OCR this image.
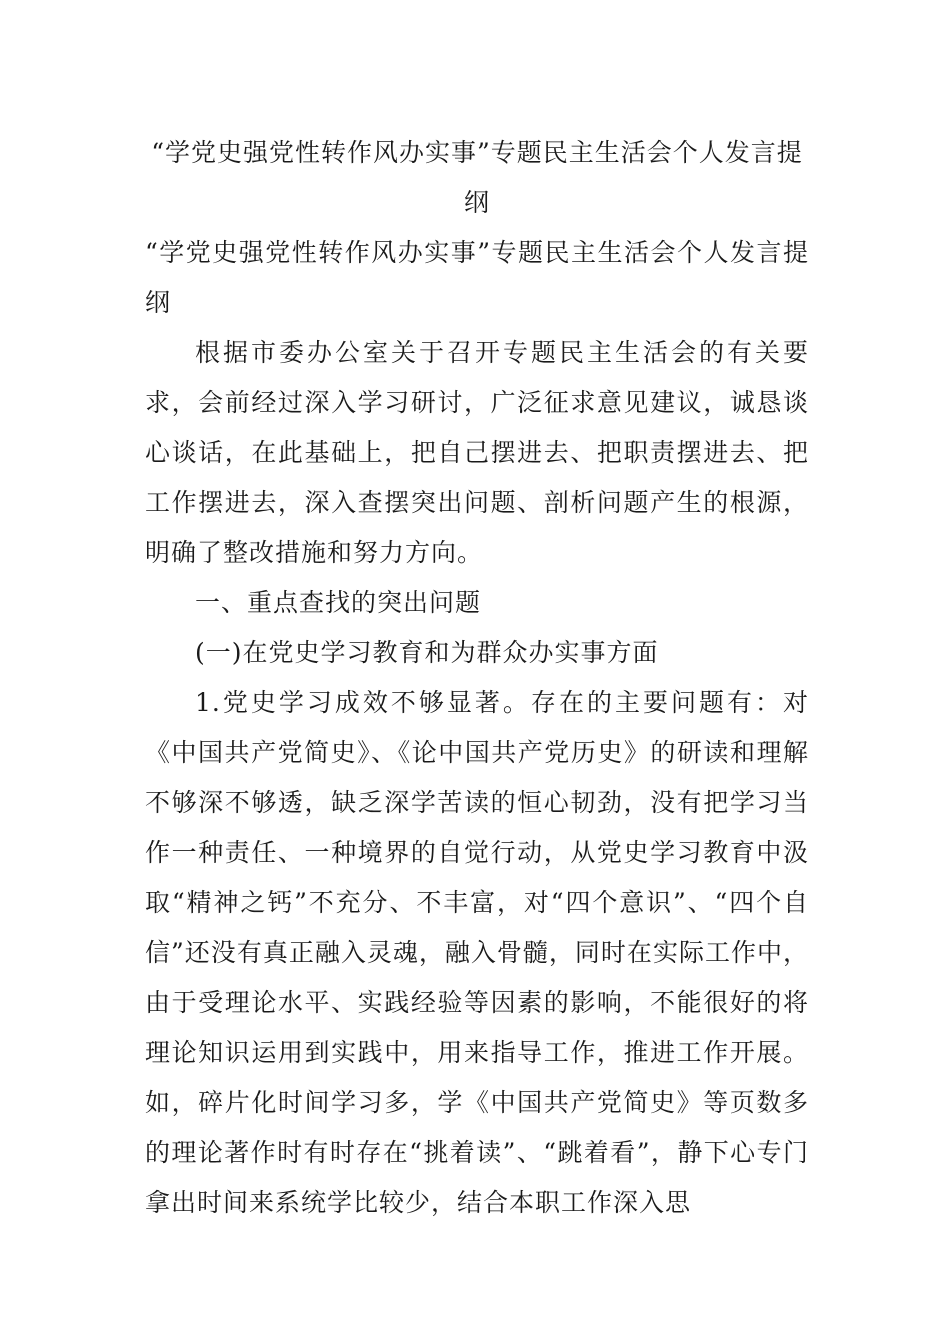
“学党史强党性转作风办实事”专题民主生活会个人发言提纲
“学党史强党性转作风办实事”专题民主生活会个人发言提纲

根据市委办公室关于召开专题民主生活会的有关要求，会前经过深入学习研讨，广泛征求意见建议，诚恳谈心谈话，在此基础上，把自己摆进去、把职责摆进去、把工作摆进去，深入查摆突出问题、剖析问题产生的根源，明确了整改措施和努力方向。

一、重点查找的突出问题

(一)在党史学习教育和为群众办实事方面

1.党史学习成效不够显著。存在的主要问题有：对《中国共产党简史》、《论中国共产党历史》的研读和理解不够深不够透，缺乏深学苦读的恒心韧劲，没有把学习当作一种责任、一种境界的自觉行动，从党史学习教育中汲取“精神之钙”不充分、不丰富，对“四个意识”、“四个自信”还没有真正融入灵魂，融入骨髓，同时在实际工作中，由于受理论水平、实践经验等因素的影响，不能很好的将理论知识运用到实践中，用来指导工作，推进工作开展。如，碎片化时间学习多，学《中国共产党简史》等页数多的理论著作时有时存在“挑着读”、“跳着看”，静下心专门拿出时间来系统学比较少，结合本职工作深入思
